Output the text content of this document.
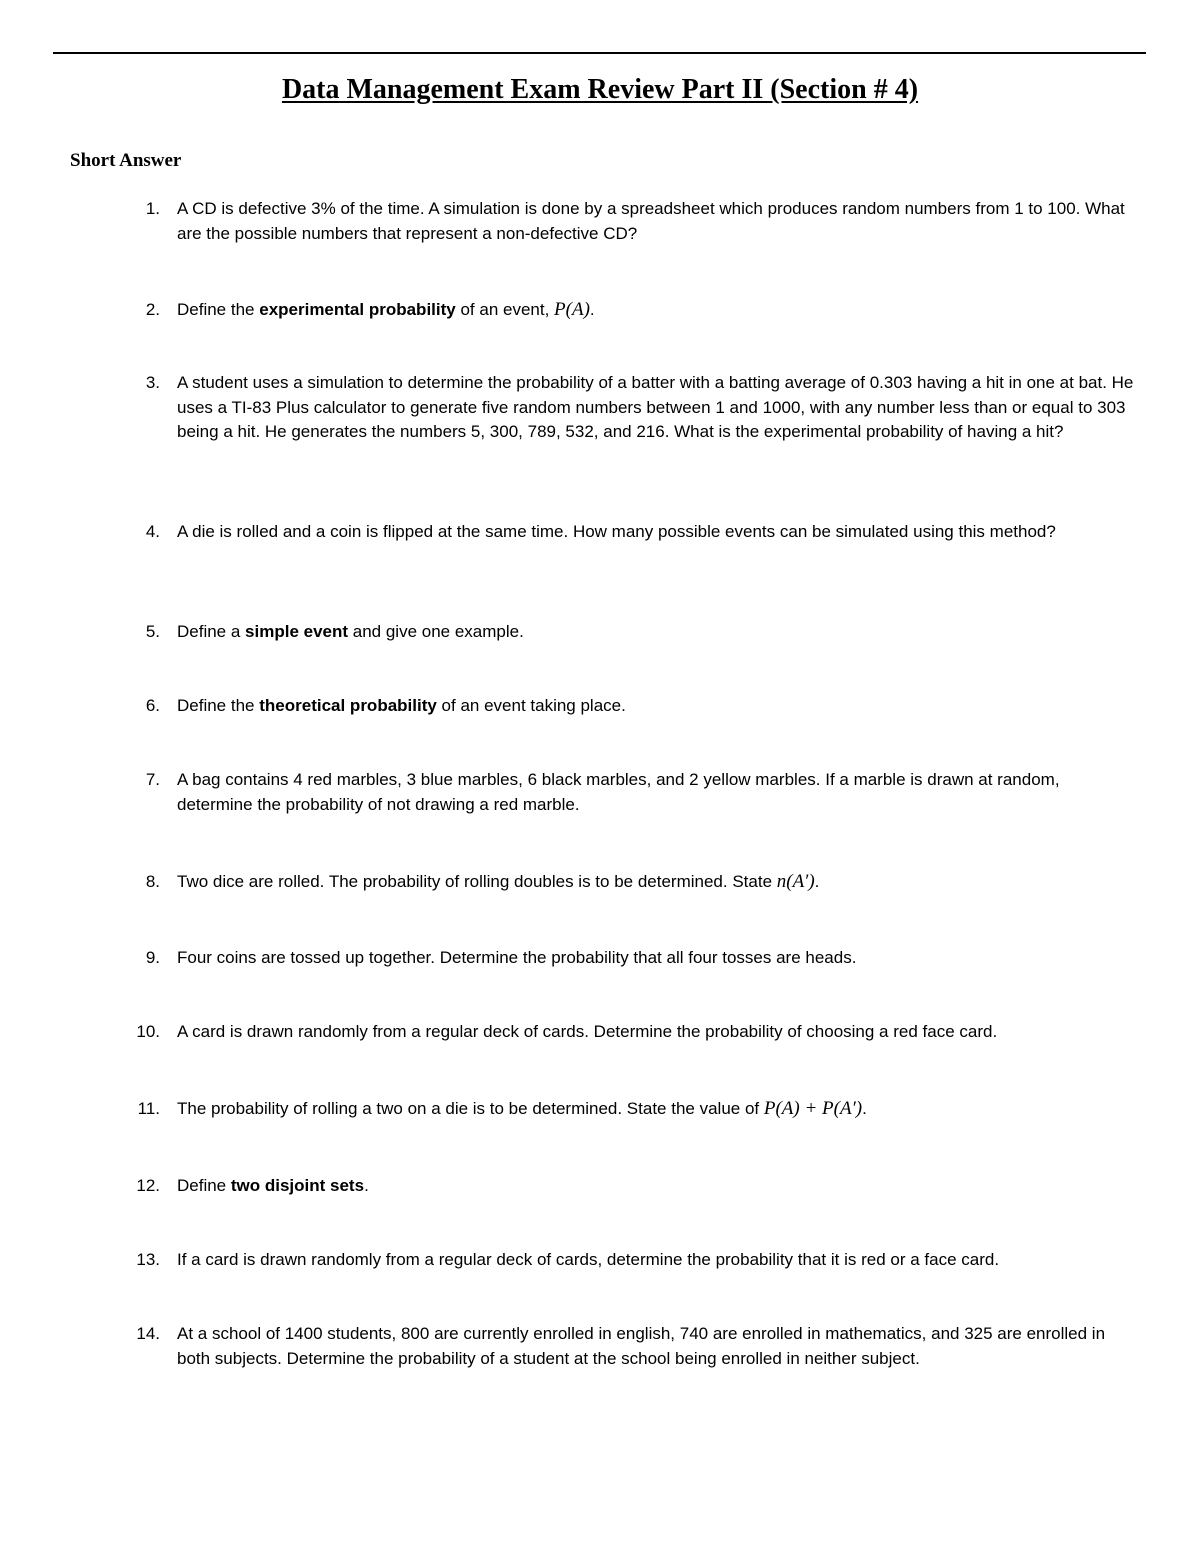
Data Management Exam Review Part II (Section # 4)
Short Answer
1. A CD is defective 3% of the time. A simulation is done by a spreadsheet which produces random numbers from 1 to 100. What are the possible numbers that represent a non-defective CD?
2. Define the experimental probability of an event, P(A).
3. A student uses a simulation to determine the probability of a batter with a batting average of 0.303 having a hit in one at bat. He uses a TI-83 Plus calculator to generate five random numbers between 1 and 1000, with any number less than or equal to 303 being a hit. He generates the numbers 5, 300, 789, 532, and 216. What is the experimental probability of having a hit?
4. A die is rolled and a coin is flipped at the same time. How many possible events can be simulated using this method?
5. Define a simple event and give one example.
6. Define the theoretical probability of an event taking place.
7. A bag contains 4 red marbles, 3 blue marbles, 6 black marbles, and 2 yellow marbles. If a marble is drawn at random, determine the probability of not drawing a red marble.
8. Two dice are rolled. The probability of rolling doubles is to be determined. State n(A′).
9. Four coins are tossed up together. Determine the probability that all four tosses are heads.
10. A card is drawn randomly from a regular deck of cards. Determine the probability of choosing a red face card.
11. The probability of rolling a two on a die is to be determined. State the value of P(A) + P(A′).
12. Define two disjoint sets.
13. If a card is drawn randomly from a regular deck of cards, determine the probability that it is red or a face card.
14. At a school of 1400 students, 800 are currently enrolled in english, 740 are enrolled in mathematics, and 325 are enrolled in both subjects. Determine the probability of a student at the school being enrolled in neither subject.
